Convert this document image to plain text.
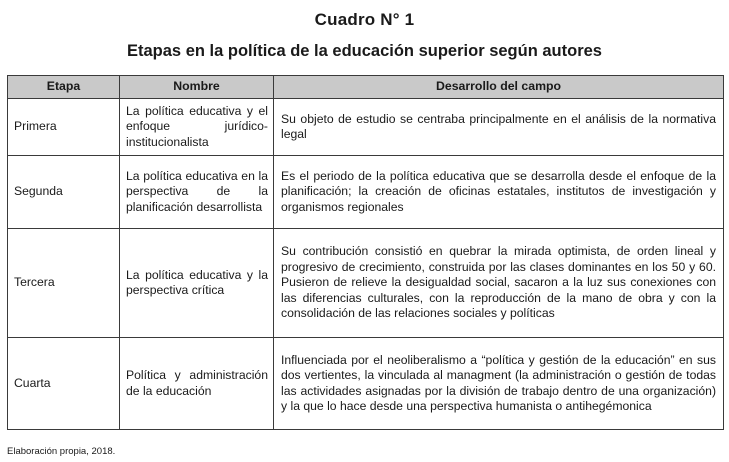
Cuadro N° 1
Etapas en la política de la educación superior según autores
Etapa	Nombre	Desarrollo del campo
Primera	La política educativa y el enfoque jurídico-institucionalista	Su objeto de estudio se centraba principalmente en el análisis de la normativa legal
Segunda	La política educativa en la perspectiva de la planificación desarrollista	Es el periodo de la política educativa que se desarrolla desde el enfoque de la planificación; la creación de oficinas estatales, institutos de investigación y organismos regionales
Tercera	La política educativa y la perspectiva crítica	Su contribución consistió en quebrar la mirada optimista, de orden lineal y progresivo de crecimiento, construida por las clases dominantes en los 50 y 60. Pusieron de relieve la desigualdad social, sacaron a la luz sus conexiones con las diferencias culturales, con la reproducción de la mano de obra y con la consolidación de las relaciones sociales y políticas
Cuarta	Política y administración de la educación	Influenciada por el neoliberalismo a “política y gestión de la educación” en sus dos vertientes, la vinculada al managment (la administración o gestión de todas las actividades asignadas por la división de trabajo dentro de una organización) y la que lo hace desde una perspectiva humanista o antihegémonica
Elaboración propia, 2018.
